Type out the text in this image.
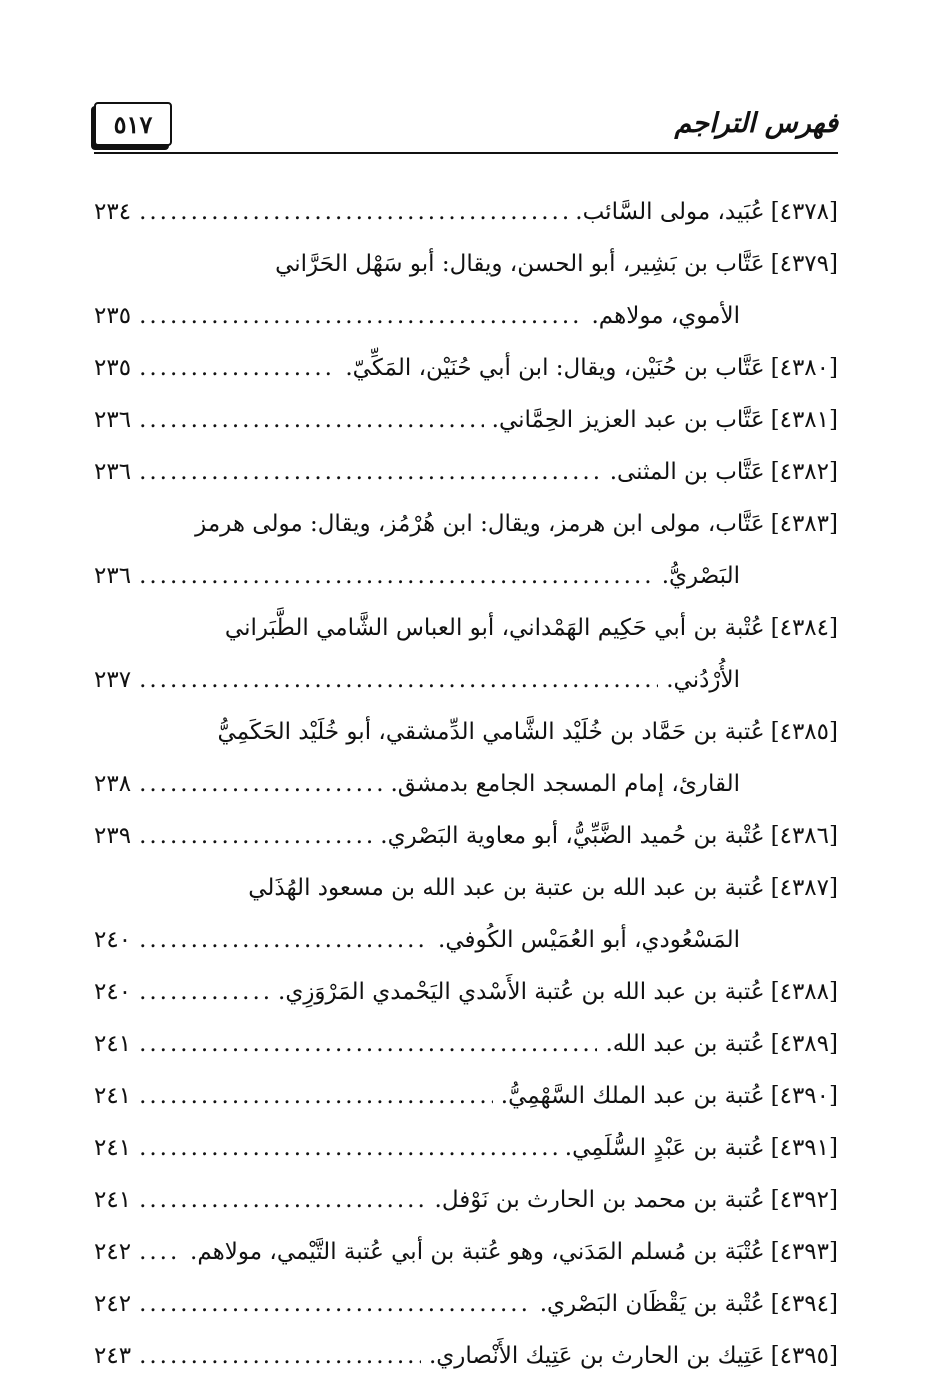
٥١٧	فهرس التراجم
[٤٣٧٨]
عُبَيد، مولى السَّائب.
.....
٢٣٤
[٤٣٧٩]
عَتَّاب بن بَشِير، أبو الحسن، ويقال: أبو سَهْل الحَرَّاني
الأموي، مولاهم.
.....
٢٣٥
[٤٣٨٠]
عَتَّاب بن حُنَيْن، ويقال: ابن أبي حُنَيْن، المَكِّيّ.
.....
٢٣٥
[٤٣٨١]
عَتَّاب بن عبد العزيز الحِمَّاني.
.....
٢٣٦
[٤٣٨٢]
عَتَّاب بن المثنى.
.....
٢٣٦
[٤٣٨٣]
عَتَّاب، مولى ابن هرمز، ويقال: ابن هُرْمُز، ويقال: مولى هرمز
البَصْريُّ.
.....
٢٣٦
[٤٣٨٤]
عُتْبة بن أبي حَكِيم الهَمْداني، أبو العباس الشَّامي الطَّبَراني
الأُرْدُني.
.....
٢٣٧
[٤٣٨٥]
عُتبة بن حَمَّاد بن خُلَيْد الشَّامي الدِّمشقي، أبو خُلَيْد الحَكَمِيُّ
القارئ، إمام المسجد الجامع بدمشق.
.....
٢٣٨
[٤٣٨٦]
عُتْبة بن حُميد الضَّبِّيُّ، أبو معاوية البَصْري.
.....
٢٣٩
[٤٣٨٧]
عُتبة بن عبد الله بن عتبة بن عبد الله بن مسعود الهُذَلي
المَسْعُودي، أبو العُمَيْس الكُوفي.
.....
٢٤٠
[٤٣٨٨]
عُتبة بن عبد الله بن عُتبة الأَسْدي اليَحْمدي المَرْوَزِي.
.....
٢٤٠
[٤٣٨٩]
عُتبة بن عبد الله.
.....
٢٤١
[٤٣٩٠]
عُتبة بن عبد الملك السَّهْمِيُّ.
.....
٢٤١
[٤٣٩١]
عُتبة بن عَبْدٍ السُّلَمِي.
.....
٢٤١
[٤٣٩٢]
عُتبة بن محمد بن الحارث بن نَوْفل.
.....
٢٤١
[٤٣٩٣]
عُتْبَة بن مُسلم المَدَني، وهو عُتبة بن أبي عُتبة التَّيْمي، مولاهم.
.....
٢٤٢
[٤٣٩٤]
عُتْبة بن يَقْظَان البَصْري.
.....
٢٤٢
[٤٣٩٥]
عَتِيك بن الحارث بن عَتِيك الأَنْصاري.
.....
٢٤٣
